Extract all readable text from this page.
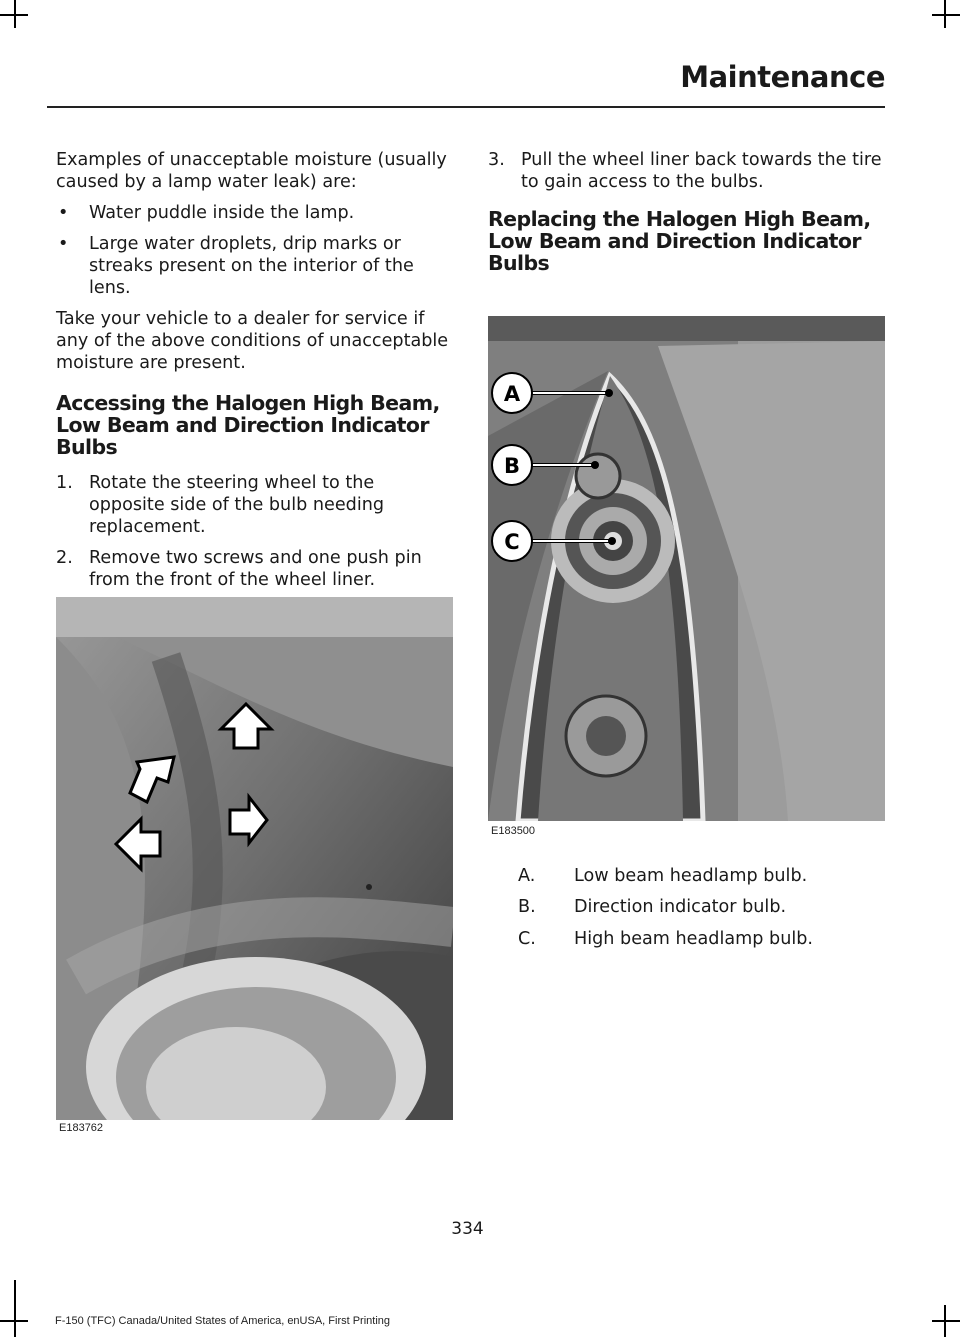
Maintenance

Examples of unacceptable moisture (usually caused by a lamp water leak) are:

• Water puddle inside the lamp.
• Large water droplets, drip marks or streaks present on the interior of the lens.

Take your vehicle to a dealer for service if any of the above conditions of unacceptable moisture are present.

Accessing the Halogen High Beam, Low Beam and Direction Indicator Bulbs
1. Rotate the steering wheel to the opposite side of the bulb needing replacement.
2. Remove two screws and one push pin from the front of the wheel liner.
E183762
3. Pull the wheel liner back towards the tire to gain access to the bulbs.
Replacing the Halogen High Beam, Low Beam and Direction Indicator Bulbs
A
B
C
E183500
A. Low beam headlamp bulb.
B. Direction indicator bulb.
C. High beam headlamp bulb.
334
F-150 (TFC) Canada/United States of America, enUSA, First Printing
